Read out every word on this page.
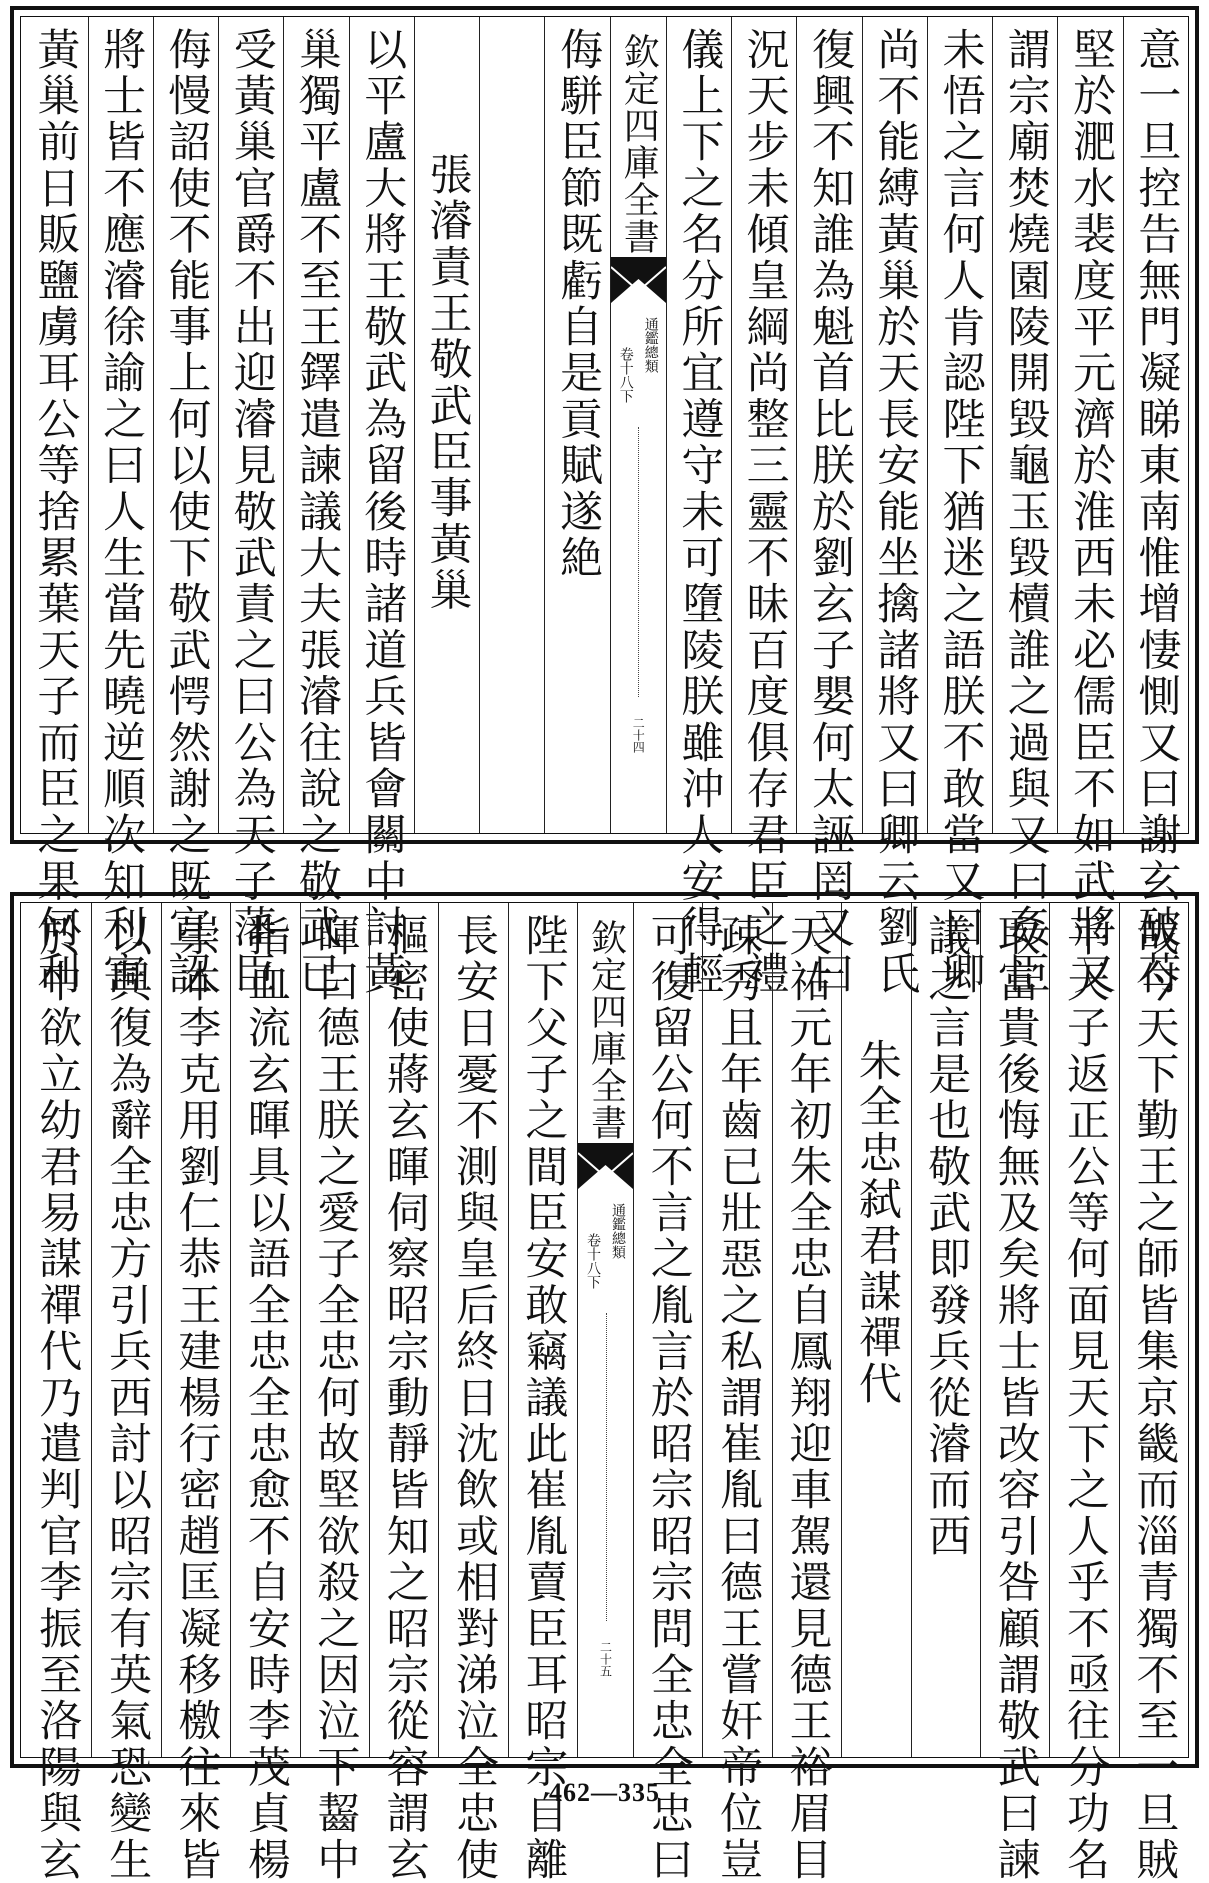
意一旦控告無門凝睇東南惟增悽惻又曰謝玄破苻
堅於淝水裴度平元濟於淮西未必儒臣不如武將又
謂宗廟焚燒園陵開毀龜玉毀櫝誰之過與又曰姦臣
未悟之言何人肯認陛下猶迷之語朕不敢當又曰卿
尚不能縛黃巢於天長安能坐擒諸將又曰卿云劉氏
復興不知誰為魁首比朕於劉玄子嬰何太誣罔又曰
況天步未傾皇綱尚整三靈不昧百度俱存君臣之禮
儀上下之名分所宜遵守未可墮陵朕雖沖人安得輕
欽定四庫全書
通鑑總類
卷十八下
二十四
侮駢臣節既虧自是貢賦遂絶
張濬責王敬武臣事黃巢
以平盧大將王敬武為留後時諸道兵皆會關中討黃
巢獨平盧不至王鐸遣諫議大夫張濬往說之敬武已
受黃巢官爵不出迎濬見敬武責之曰公為天子藩臣
侮慢詔使不能事上何以使下敬武愕然謝之既宣詔
將士皆不應濬徐諭之曰人生當先曉逆順次知利害
黃巢前日販鹽虜耳公等捨累葉天子而臣之果何利
哉今天下勤王之師皆集京畿而淄青獨不至一旦賊
平天子返正公等何面見天下之人乎不亟往分功名
取富貴後悔無及矣將士皆改容引咎顧謂敬武曰諫
議之言是也敬武即發兵從濬而西
朱全忠弑君謀禪代
天祐元年初朱全忠自鳳翔迎車駕還見德王裕眉目
疎秀且年齒已壯惡之私謂崔胤曰德王嘗奸帝位豈
可復留公何不言之胤言於昭宗昭宗問全忠全忠曰
欽定四庫全書
通鑑總類
卷十八下
二十五
陛下父子之間臣安敢竊議此崔胤賣臣耳昭宗自離
長安日憂不測與皇后終日沈飲或相對涕泣全忠使
樞密使蔣玄暉伺察昭宗動靜皆知之昭宗從容謂玄
暉曰德王朕之愛子全忠何故堅欲殺之因泣下齧中
指血流玄暉具以語全忠全忠愈不自安時李茂貞楊
崇本李克用劉仁恭王建楊行密趙匡凝移檄往來皆
以興復為辭全忠方引兵西討以昭宗有英氣恐變生
於中欲立幼君易謀禪代乃遣判官李振至洛陽與玄	462—335
